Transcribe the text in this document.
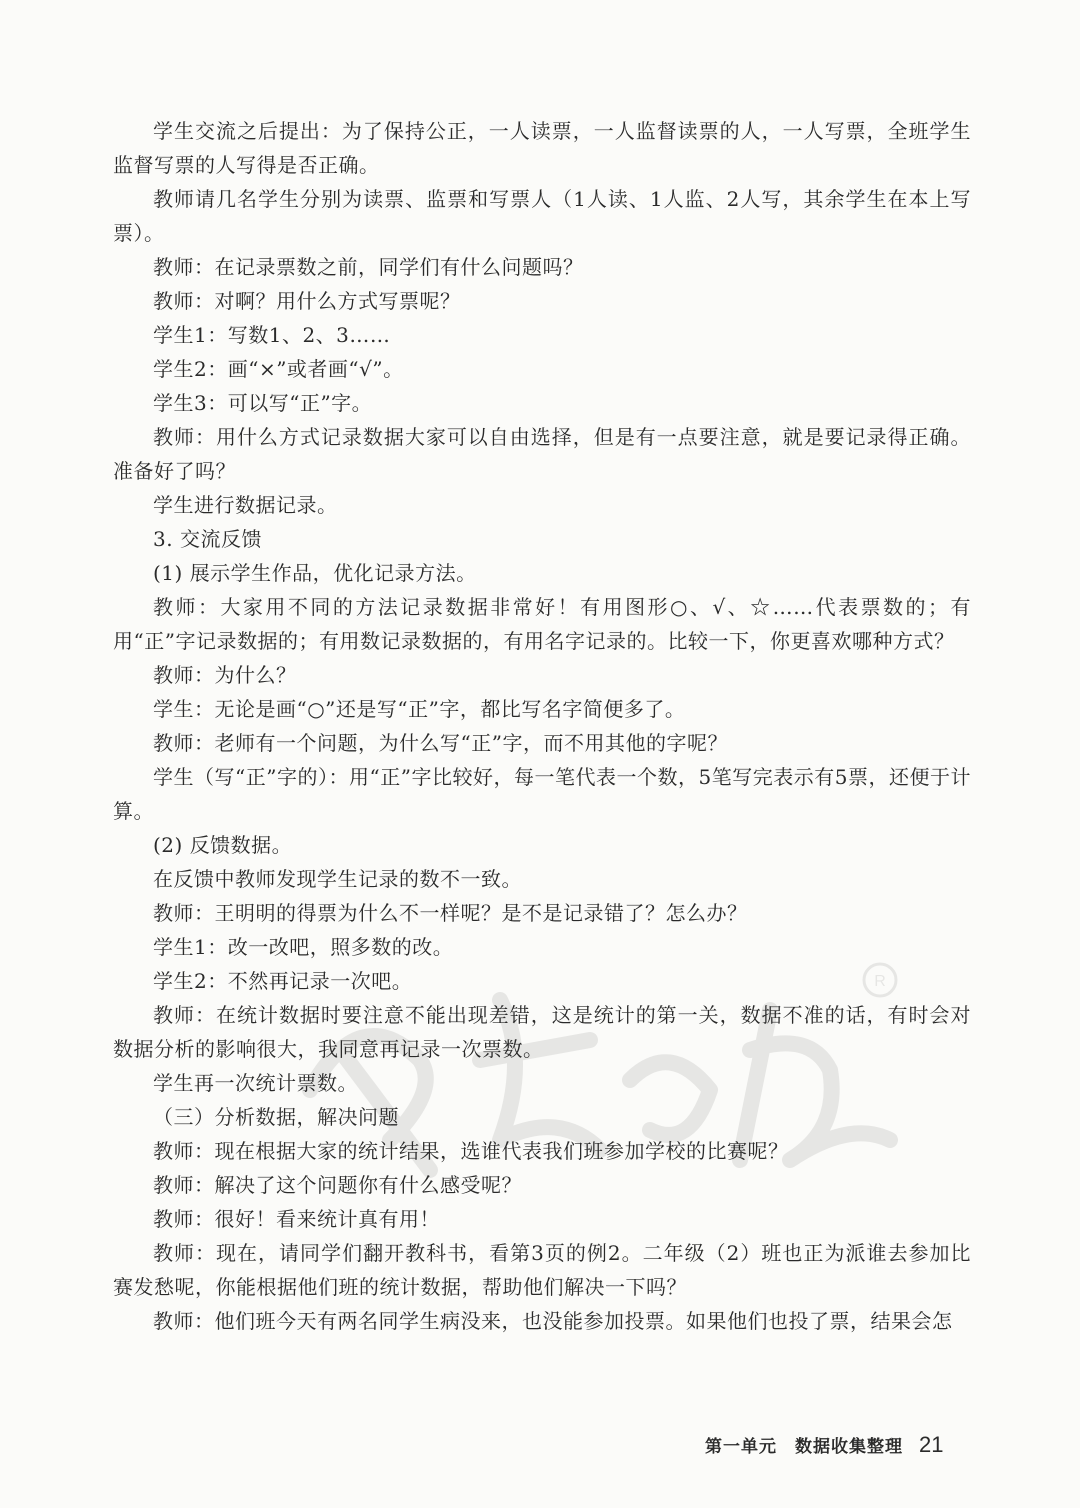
R

学生交流之后提出：为了保持公正，一人读票，一人监督读票的人，一人写票，全班学生监督写票的人写得是否正确。

教师请几名学生分别为读票、监票和写票人（1人读、1人监、2人写，其余学生在本上写票）。

教师：在记录票数之前，同学们有什么问题吗？

教师：对啊？用什么方式写票呢？

学生1：写数1、2、3……

学生2：画“×”或者画“√”。

学生3：可以写“正”字。

教师：用什么方式记录数据大家可以自由选择，但是有一点要注意，就是要记录得正确。准备好了吗？

学生进行数据记录。

3. 交流反馈

(1) 展示学生作品，优化记录方法。

教师：大家用不同的方法记录数据非常好！有用图形○、√、☆……代表票数的；有用“正”字记录数据的；有用数记录数据的，有用名字记录的。比较一下，你更喜欢哪种方式？

教师：为什么？

学生：无论是画“○”还是写“正”字，都比写名字简便多了。

教师：老师有一个问题，为什么写“正”字，而不用其他的字呢？

学生（写“正”字的）：用“正”字比较好，每一笔代表一个数，5笔写完表示有5票，还便于计算。

(2) 反馈数据。

在反馈中教师发现学生记录的数不一致。

教师：王明明的得票为什么不一样呢？是不是记录错了？怎么办？

学生1：改一改吧，照多数的改。

学生2：不然再记录一次吧。

教师：在统计数据时要注意不能出现差错，这是统计的第一关，数据不准的话，有时会对数据分析的影响很大，我同意再记录一次票数。

学生再一次统计票数。

（三）分析数据，解决问题

教师：现在根据大家的统计结果，选谁代表我们班参加学校的比赛呢？

教师：解决了这个问题你有什么感受呢？

教师：很好！看来统计真有用！

教师：现在，请同学们翻开教科书，看第3页的例2。二年级（2）班也正为派谁去参加比赛发愁呢，你能根据他们班的统计数据，帮助他们解决一下吗？

教师：他们班今天有两名同学生病没来，也没能参加投票。如果他们也投了票，结果会怎

第一单元　数据收集整理 21
